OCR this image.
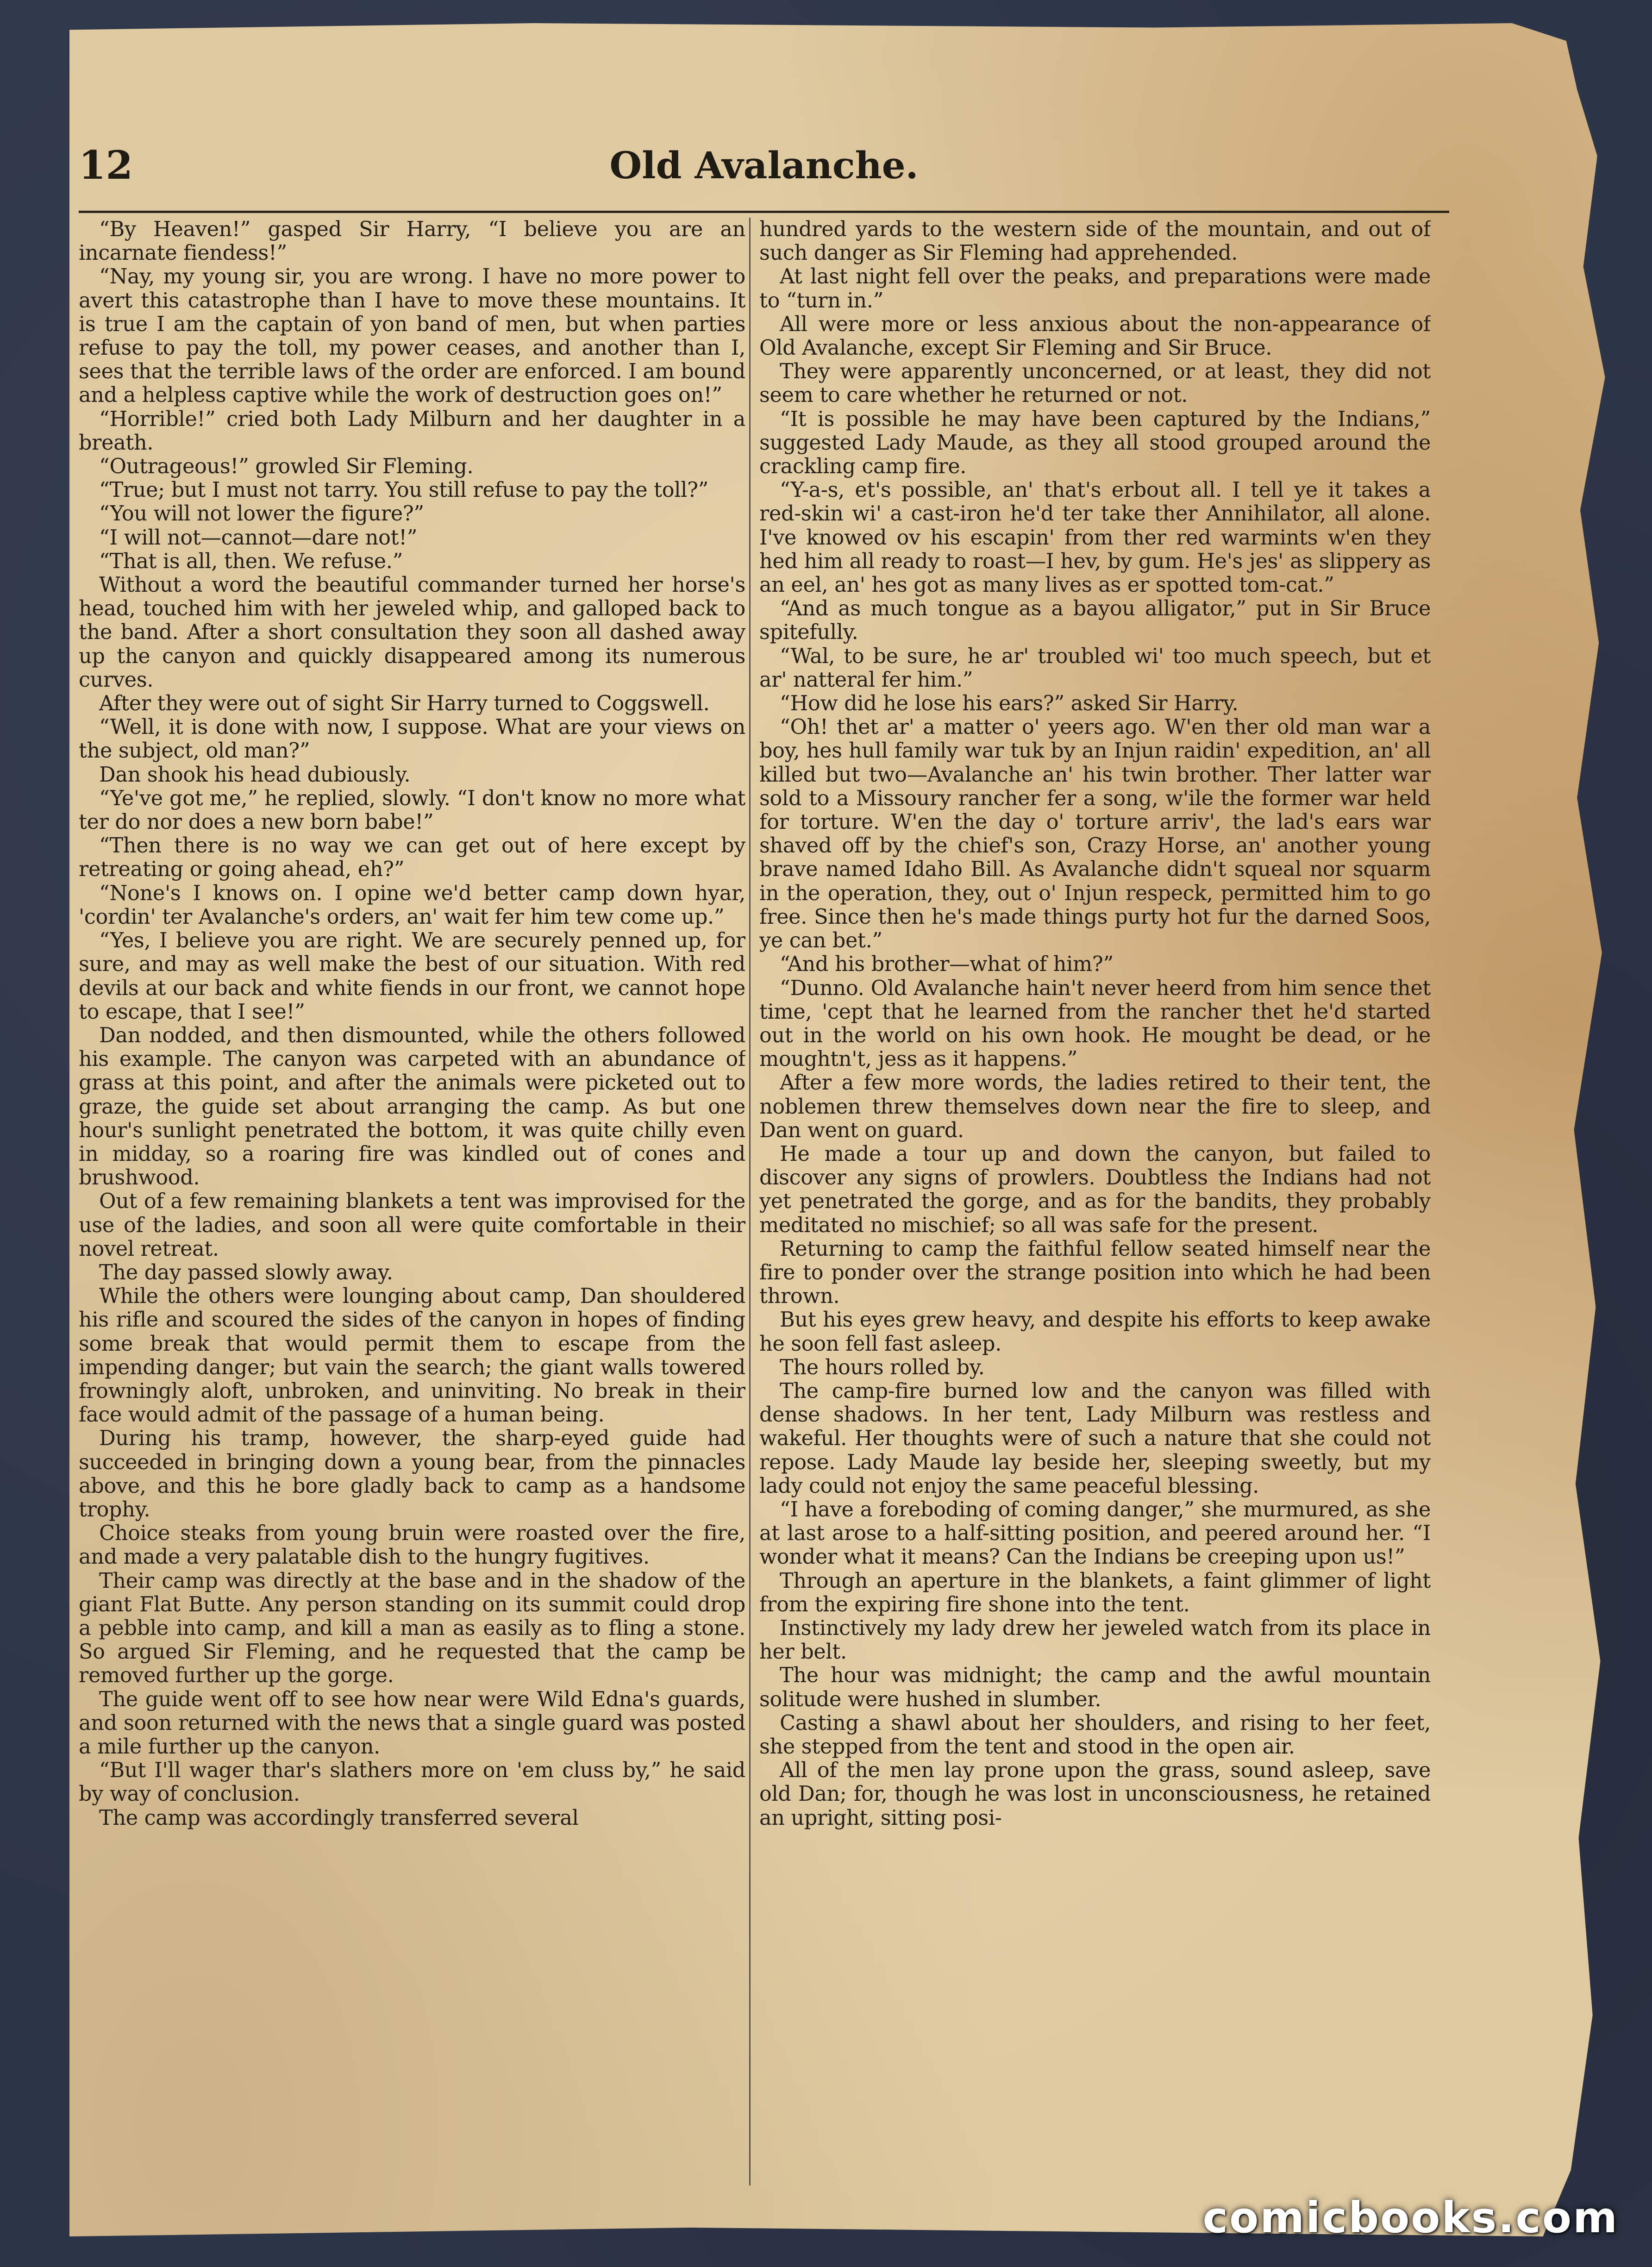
12	Old Avalanche.

“By Heaven!” gasped Sir Harry, “I believe you are an incarnate fiendess!”

“Nay, my young sir, you are wrong. I have no more power to avert this catastrophe than I have to move these mountains. It is true I am the captain of yon band of men, but when parties refuse to pay the toll, my power ceases, and another than I, sees that the terrible laws of the order are enforced. I am bound and a helpless captive while the work of destruction goes on!”

“Horrible!” cried both Lady Milburn and her daughter in a breath.

“Outrageous!” growled Sir Fleming.

“True; but I must not tarry. You still refuse to pay the toll?”

“You will not lower the figure?”

“I will not—cannot—dare not!”

“That is all, then. We refuse.”

Without a word the beautiful commander turned her horse's head, touched him with her jeweled whip, and galloped back to the band. After a short consultation they soon all dashed away up the canyon and quickly disappeared among its numerous curves.

After they were out of sight Sir Harry turned to Coggswell.

“Well, it is done with now, I suppose. What are your views on the subject, old man?”

Dan shook his head dubiously.

“Ye've got me,” he replied, slowly. “I don't know no more what ter do nor does a new born babe!”

“Then there is no way we can get out of here except by retreating or going ahead, eh?”

“None's I knows on. I opine we'd better camp down hyar, 'cordin' ter Avalanche's orders, an' wait fer him tew come up.”

“Yes, I believe you are right. We are securely penned up, for sure, and may as well make the best of our situation. With red devils at our back and white fiends in our front, we cannot hope to escape, that I see!”

Dan nodded, and then dismounted, while the others followed his example. The canyon was carpeted with an abundance of grass at this point, and after the animals were picketed out to graze, the guide set about arranging the camp. As but one hour's sunlight penetrated the bottom, it was quite chilly even in midday, so a roaring fire was kindled out of cones and brushwood.

Out of a few remaining blankets a tent was improvised for the use of the ladies, and soon all were quite comfortable in their novel retreat.

The day passed slowly away.

While the others were lounging about camp, Dan shouldered his rifle and scoured the sides of the canyon in hopes of finding some break that would permit them to escape from the impending danger; but vain the search; the giant walls towered frowningly aloft, unbroken, and uninviting. No break in their face would admit of the passage of a human being.

During his tramp, however, the sharp-eyed guide had succeeded in bringing down a young bear, from the pinnacles above, and this he bore gladly back to camp as a handsome trophy.

Choice steaks from young bruin were roasted over the fire, and made a very palatable dish to the hungry fugitives.

Their camp was directly at the base and in the shadow of the giant Flat Butte. Any person standing on its summit could drop a pebble into camp, and kill a man as easily as to fling a stone. So argued Sir Fleming, and he requested that the camp be removed further up the gorge.

The guide went off to see how near were Wild Edna's guards, and soon returned with the news that a single guard was posted a mile further up the canyon.

“But I'll wager thar's slathers more on 'em cluss by,” he said by way of conclusion.

The camp was accordingly transferred several

hundred yards to the western side of the mountain, and out of such danger as Sir Fleming had apprehended.

At last night fell over the peaks, and preparations were made to “turn in.”

All were more or less anxious about the non-appearance of Old Avalanche, except Sir Fleming and Sir Bruce.

They were apparently unconcerned, or at least, they did not seem to care whether he returned or not.

“It is possible he may have been captured by the Indians,” suggested Lady Maude, as they all stood grouped around the crackling camp fire.

“Y-a-s, et's possible, an' that's erbout all. I tell ye it takes a red-skin wi' a cast-iron he'd ter take ther Annihilator, all alone. I've knowed ov his escapin' from ther red warmints w'en they hed him all ready to roast—I hev, by gum. He's jes' as slippery as an eel, an' hes got as many lives as er spotted tom-cat.”

“And as much tongue as a bayou alligator,” put in Sir Bruce spitefully.

“Wal, to be sure, he ar' troubled wi' too much speech, but et ar' natteral fer him.”

“How did he lose his ears?” asked Sir Harry.

“Oh! thet ar' a matter o' yeers ago. W'en ther old man war a boy, hes hull family war tuk by an Injun raidin' expedition, an' all killed but two—Avalanche an' his twin brother. Ther latter war sold to a Missoury rancher fer a song, w'ile the former war held for torture. W'en the day o' torture arriv', the lad's ears war shaved off by the chief's son, Crazy Horse, an' another young brave named Idaho Bill. As Avalanche didn't squeal nor squarm in the operation, they, out o' Injun respeck, permitted him to go free. Since then he's made things purty hot fur the darned Soos, ye can bet.”

“And his brother—what of him?”

“Dunno. Old Avalanche hain't never heerd from him sence thet time, 'cept that he learned from the rancher thet he'd started out in the world on his own hook. He mought be dead, or he moughtn't, jess as it happens.”

After a few more words, the ladies retired to their tent, the noblemen threw themselves down near the fire to sleep, and Dan went on guard.

He made a tour up and down the canyon, but failed to discover any signs of prowlers. Doubtless the Indians had not yet penetrated the gorge, and as for the bandits, they probably meditated no mischief; so all was safe for the present.

Returning to camp the faithful fellow seated himself near the fire to ponder over the strange position into which he had been thrown.

But his eyes grew heavy, and despite his efforts to keep awake he soon fell fast asleep.

The hours rolled by.

The camp-fire burned low and the canyon was filled with dense shadows. In her tent, Lady Milburn was restless and wakeful. Her thoughts were of such a nature that she could not repose. Lady Maude lay beside her, sleeping sweetly, but my lady could not enjoy the same peaceful blessing.

“I have a foreboding of coming danger,” she murmured, as she at last arose to a half-sitting position, and peered around her. “I wonder what it means? Can the Indians be creeping upon us!”

Through an aperture in the blankets, a faint glimmer of light from the expiring fire shone into the tent.

Instinctively my lady drew her jeweled watch from its place in her belt.

The hour was midnight; the camp and the awful mountain solitude were hushed in slumber.

Casting a shawl about her shoulders, and rising to her feet, she stepped from the tent and stood in the open air.

All of the men lay prone upon the grass, sound asleep, save old Dan; for, though he was lost in unconsciousness, he retained an upright, sitting posi-

comicbooks.com
